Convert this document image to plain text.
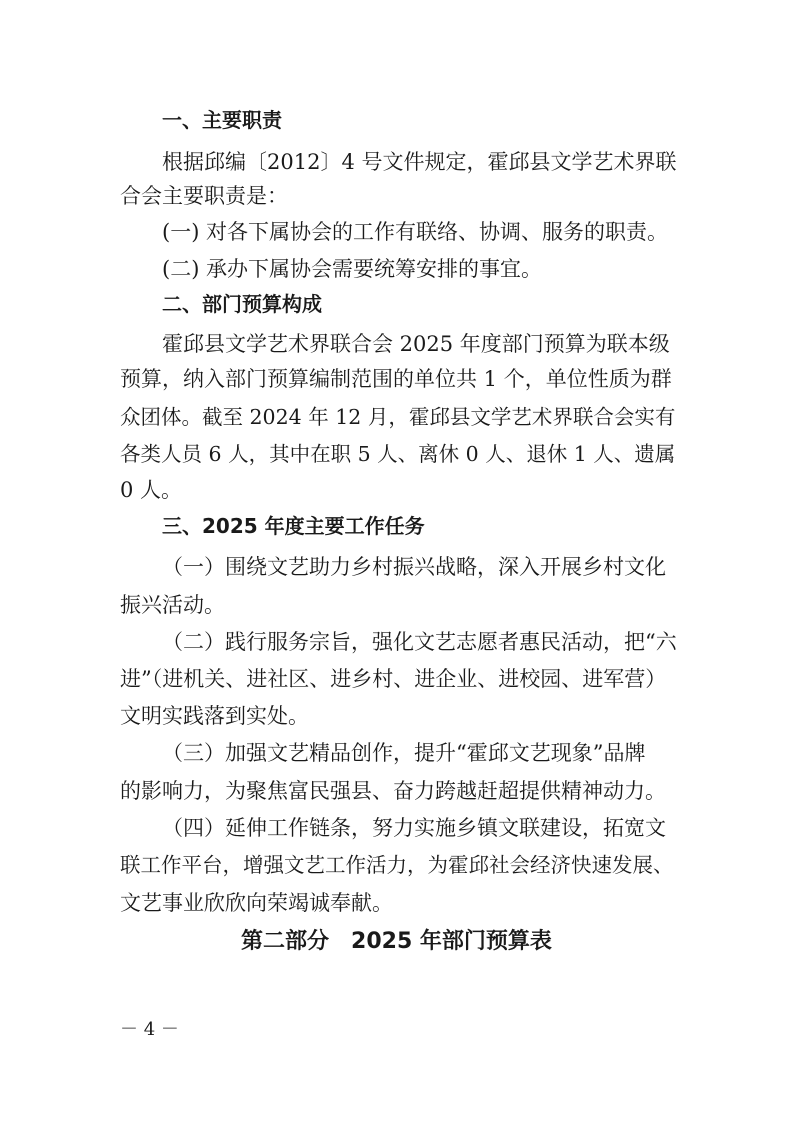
一、主要职责
根据邱编〔2012〕4 号文件规定，霍邱县文学艺术界联
合会主要职责是：
(一) 对各下属协会的工作有联络、协调、服务的职责。
(二) 承办下属协会需要统筹安排的事宜。
二、部门预算构成
霍邱县文学艺术界联合会 2025 年度部门预算为联本级
预算，纳入部门预算编制范围的单位共 1 个，单位性质为群
众团体。截至 2024 年 12 月，霍邱县文学艺术界联合会实有
各类人员 6 人，其中在职 5 人、离休 0 人、退休 1 人、遗属
0 人。
三、2025 年度主要工作任务
（一）围绕文艺助力乡村振兴战略，深入开展乡村文化
振兴活动。
（二）践行服务宗旨，强化文艺志愿者惠民活动，把“六
进”（进机关、进社区、进乡村、进企业、进校园、进军营）
文明实践落到实处。
（三）加强文艺精品创作，提升“霍邱文艺现象”品牌
的影响力，为聚焦富民强县、奋力跨越赶超提供精神动力。
（四）延伸工作链条，努力实施乡镇文联建设，拓宽文
联工作平台，增强文艺工作活力，为霍邱社会经济快速发展、
文艺事业欣欣向荣竭诚奉献。
第二部分　2025 年部门预算表
－ 4 －
